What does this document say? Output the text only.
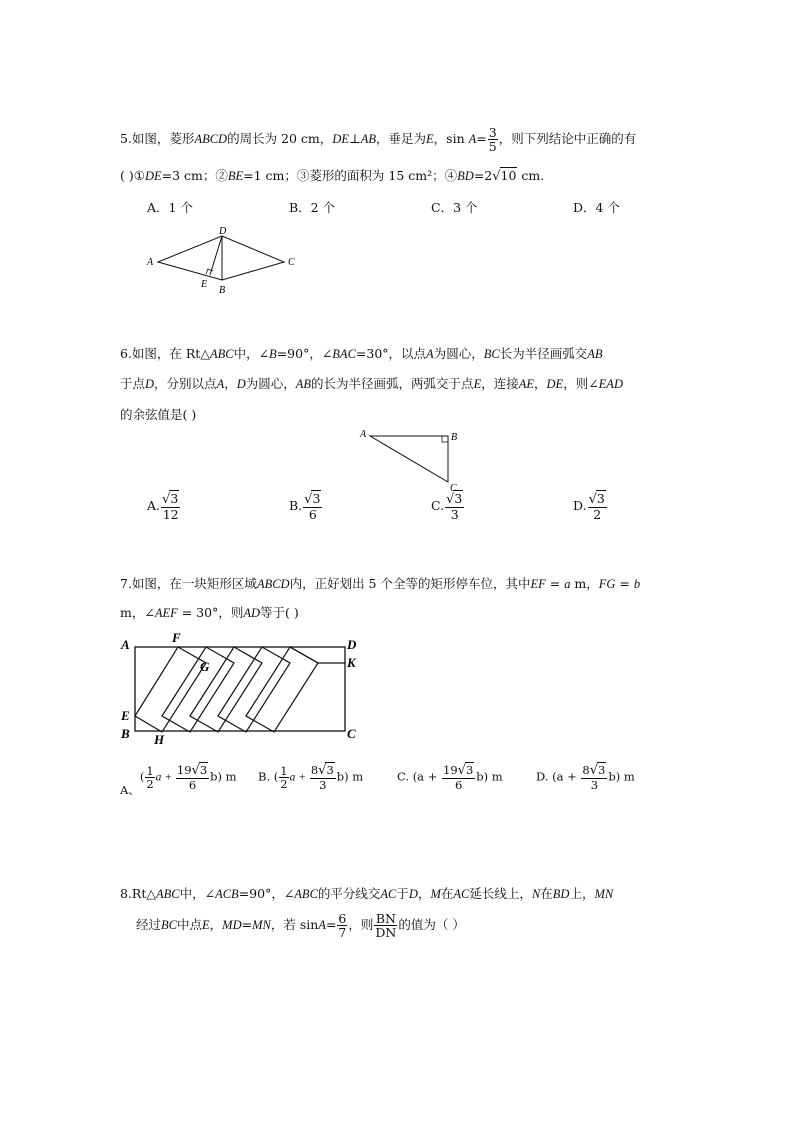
5.如图，菱形ABCD的周长为 20 cm，DE⊥AB，垂足为E，$\sin A= \frac{3}{5}$ ，则下列结论中正确的有
( )①DE=3 cm；②BE=1 cm；③菱形的面积为 15 cm²；④BD=2√10 cm.
A．1 个	B．2 个	C．3 个	D．4 个
A
D
C
E
B
6.如图，在 Rt△ABC中，∠B=90°，∠BAC=30°，以点A为圆心，BC长为半径画弧交AB
于点D，分别以点A，D为圆心，AB的长为半径画弧，两弧交于点E，连接AE，DE，则∠EAD
的余弦值是( )
A	B
C
A. $\frac{√3}{12}$	B. $\frac{√3}{6}$	C. $\frac{√3}{3}$	D. $\frac{√3}{2}$
7.如图，在一块矩形区域ABCD内，正好划出 5 个全等的矩形停车位，其中EF = a m，FG = b
m，∠AEF = 30°，则AD等于( )
A	F
G
D
K
E
B H	C
A、( $\frac{1}{2}$ $a + \frac{19√3}{6} b$) m B. ( $\frac{1}{2}$ $a + \frac{8√3}{3} b$) m	C. $(a + \frac{19√3}{6} b)$ m	D. $(a + \frac{8√3}{3} b)$ m
8.Rt△ABC中，∠ACB=90°，∠ABC的平分线交AC于D，M在AC延长线上，N在BD上，MN
经过BC中点E，MD=MN，若 $\sin A= \frac{6}{7}$ ，则 $\frac{BN}{DN}$ 的值为（ ）
